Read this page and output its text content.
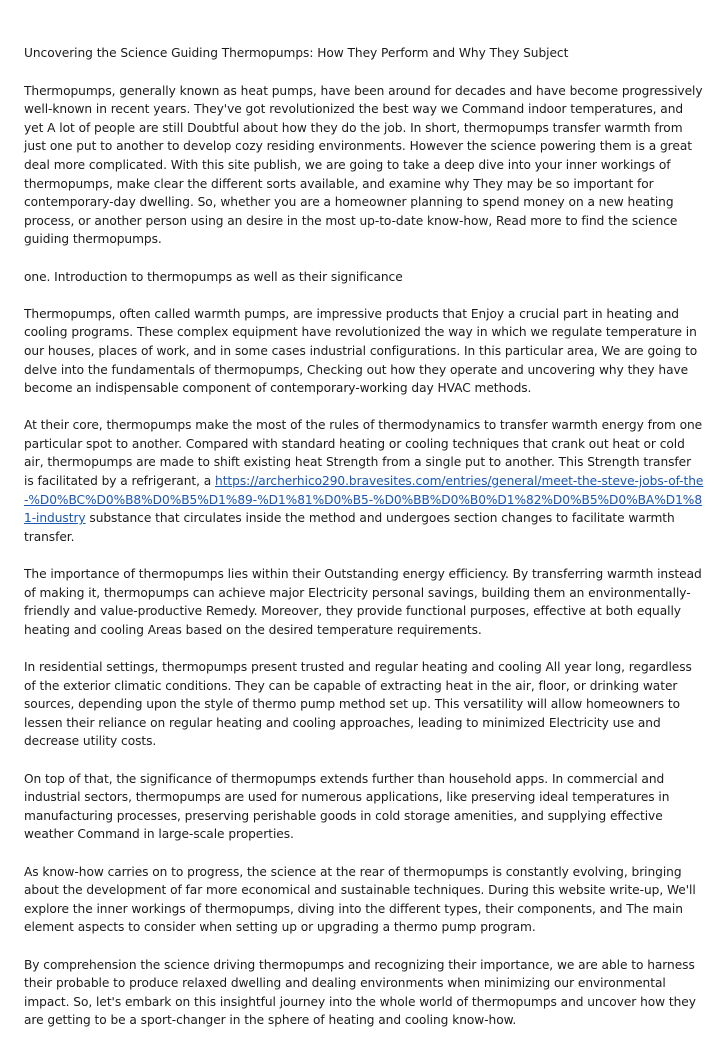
Uncovering the Science Guiding Thermopumps: How They Perform and Why They Subject

Thermopumps, generally known as heat pumps, have been around for decades and have become progressively well-known in recent years. They've got revolutionized the best way we Command indoor temperatures, and yet A lot of people are still Doubtful about how they do the job. In short, thermopumps transfer warmth from just one put to another to develop cozy residing environments. However the science powering them is a great deal more complicated. With this site publish, we are going to take a deep dive into your inner workings of thermopumps, make clear the different sorts available, and examine why They may be so important for contemporary-day dwelling. So, whether you are a homeowner planning to spend money on a new heating process, or another person using an desire in the most up-to-date know-how, Read more to find the science guiding thermopumps.

one. Introduction to thermopumps as well as their significance

Thermopumps, often called warmth pumps, are impressive products that Enjoy a crucial part in heating and cooling programs. These complex equipment have revolutionized the way in which we regulate temperature in our houses, places of work, and in some cases industrial configurations. In this particular area, We are going to delve into the fundamentals of thermopumps, Checking out how they operate and uncovering why they have become an indispensable component of contemporary-working day HVAC methods.

At their core, thermopumps make the most of the rules of thermodynamics to transfer warmth energy from one particular spot to another. Compared with standard heating or cooling techniques that crank out heat or cold air, thermopumps are made to shift existing heat Strength from a single put to another. This Strength transfer is facilitated by a refrigerant, a https://archerhico290.bravesites.com/entries/general/meet-the-steve-jobs-of-the-%D0%BC%D0%B8%D0%B5%D1%89-%D1%81%D0%B5-%D0%BB%D0%B0%D1%82%D0%B5%D0%BA%D1%81-industry substance that circulates inside the method and undergoes section changes to facilitate warmth transfer.

The importance of thermopumps lies within their Outstanding energy efficiency. By transferring warmth instead of making it, thermopumps can achieve major Electricity personal savings, building them an environmentally-friendly and value-productive Remedy. Moreover, they provide functional purposes, effective at both equally heating and cooling Areas based on the desired temperature requirements.

In residential settings, thermopumps present trusted and regular heating and cooling All year long, regardless of the exterior climatic conditions. They can be capable of extracting heat in the air, floor, or drinking water sources, depending upon the style of thermo pump method set up. This versatility will allow homeowners to lessen their reliance on regular heating and cooling approaches, leading to minimized Electricity use and decrease utility costs.

On top of that, the significance of thermopumps extends further than household apps. In commercial and industrial sectors, thermopumps are used for numerous applications, like preserving ideal temperatures in manufacturing processes, preserving perishable goods in cold storage amenities, and supplying effective weather Command in large-scale properties.

As know-how carries on to progress, the science at the rear of thermopumps is constantly evolving, bringing about the development of far more economical and sustainable techniques. During this website write-up, We'll explore the inner workings of thermopumps, diving into the different types, their components, and The main element aspects to consider when setting up or upgrading a thermo pump program.

By comprehension the science driving thermopumps and recognizing their importance, we are able to harness their probable to produce relaxed dwelling and dealing environments when minimizing our environmental impact. So, let's embark on this insightful journey into the whole world of thermopumps and uncover how they are getting to be a sport-changer in the sphere of heating and cooling know-how.
